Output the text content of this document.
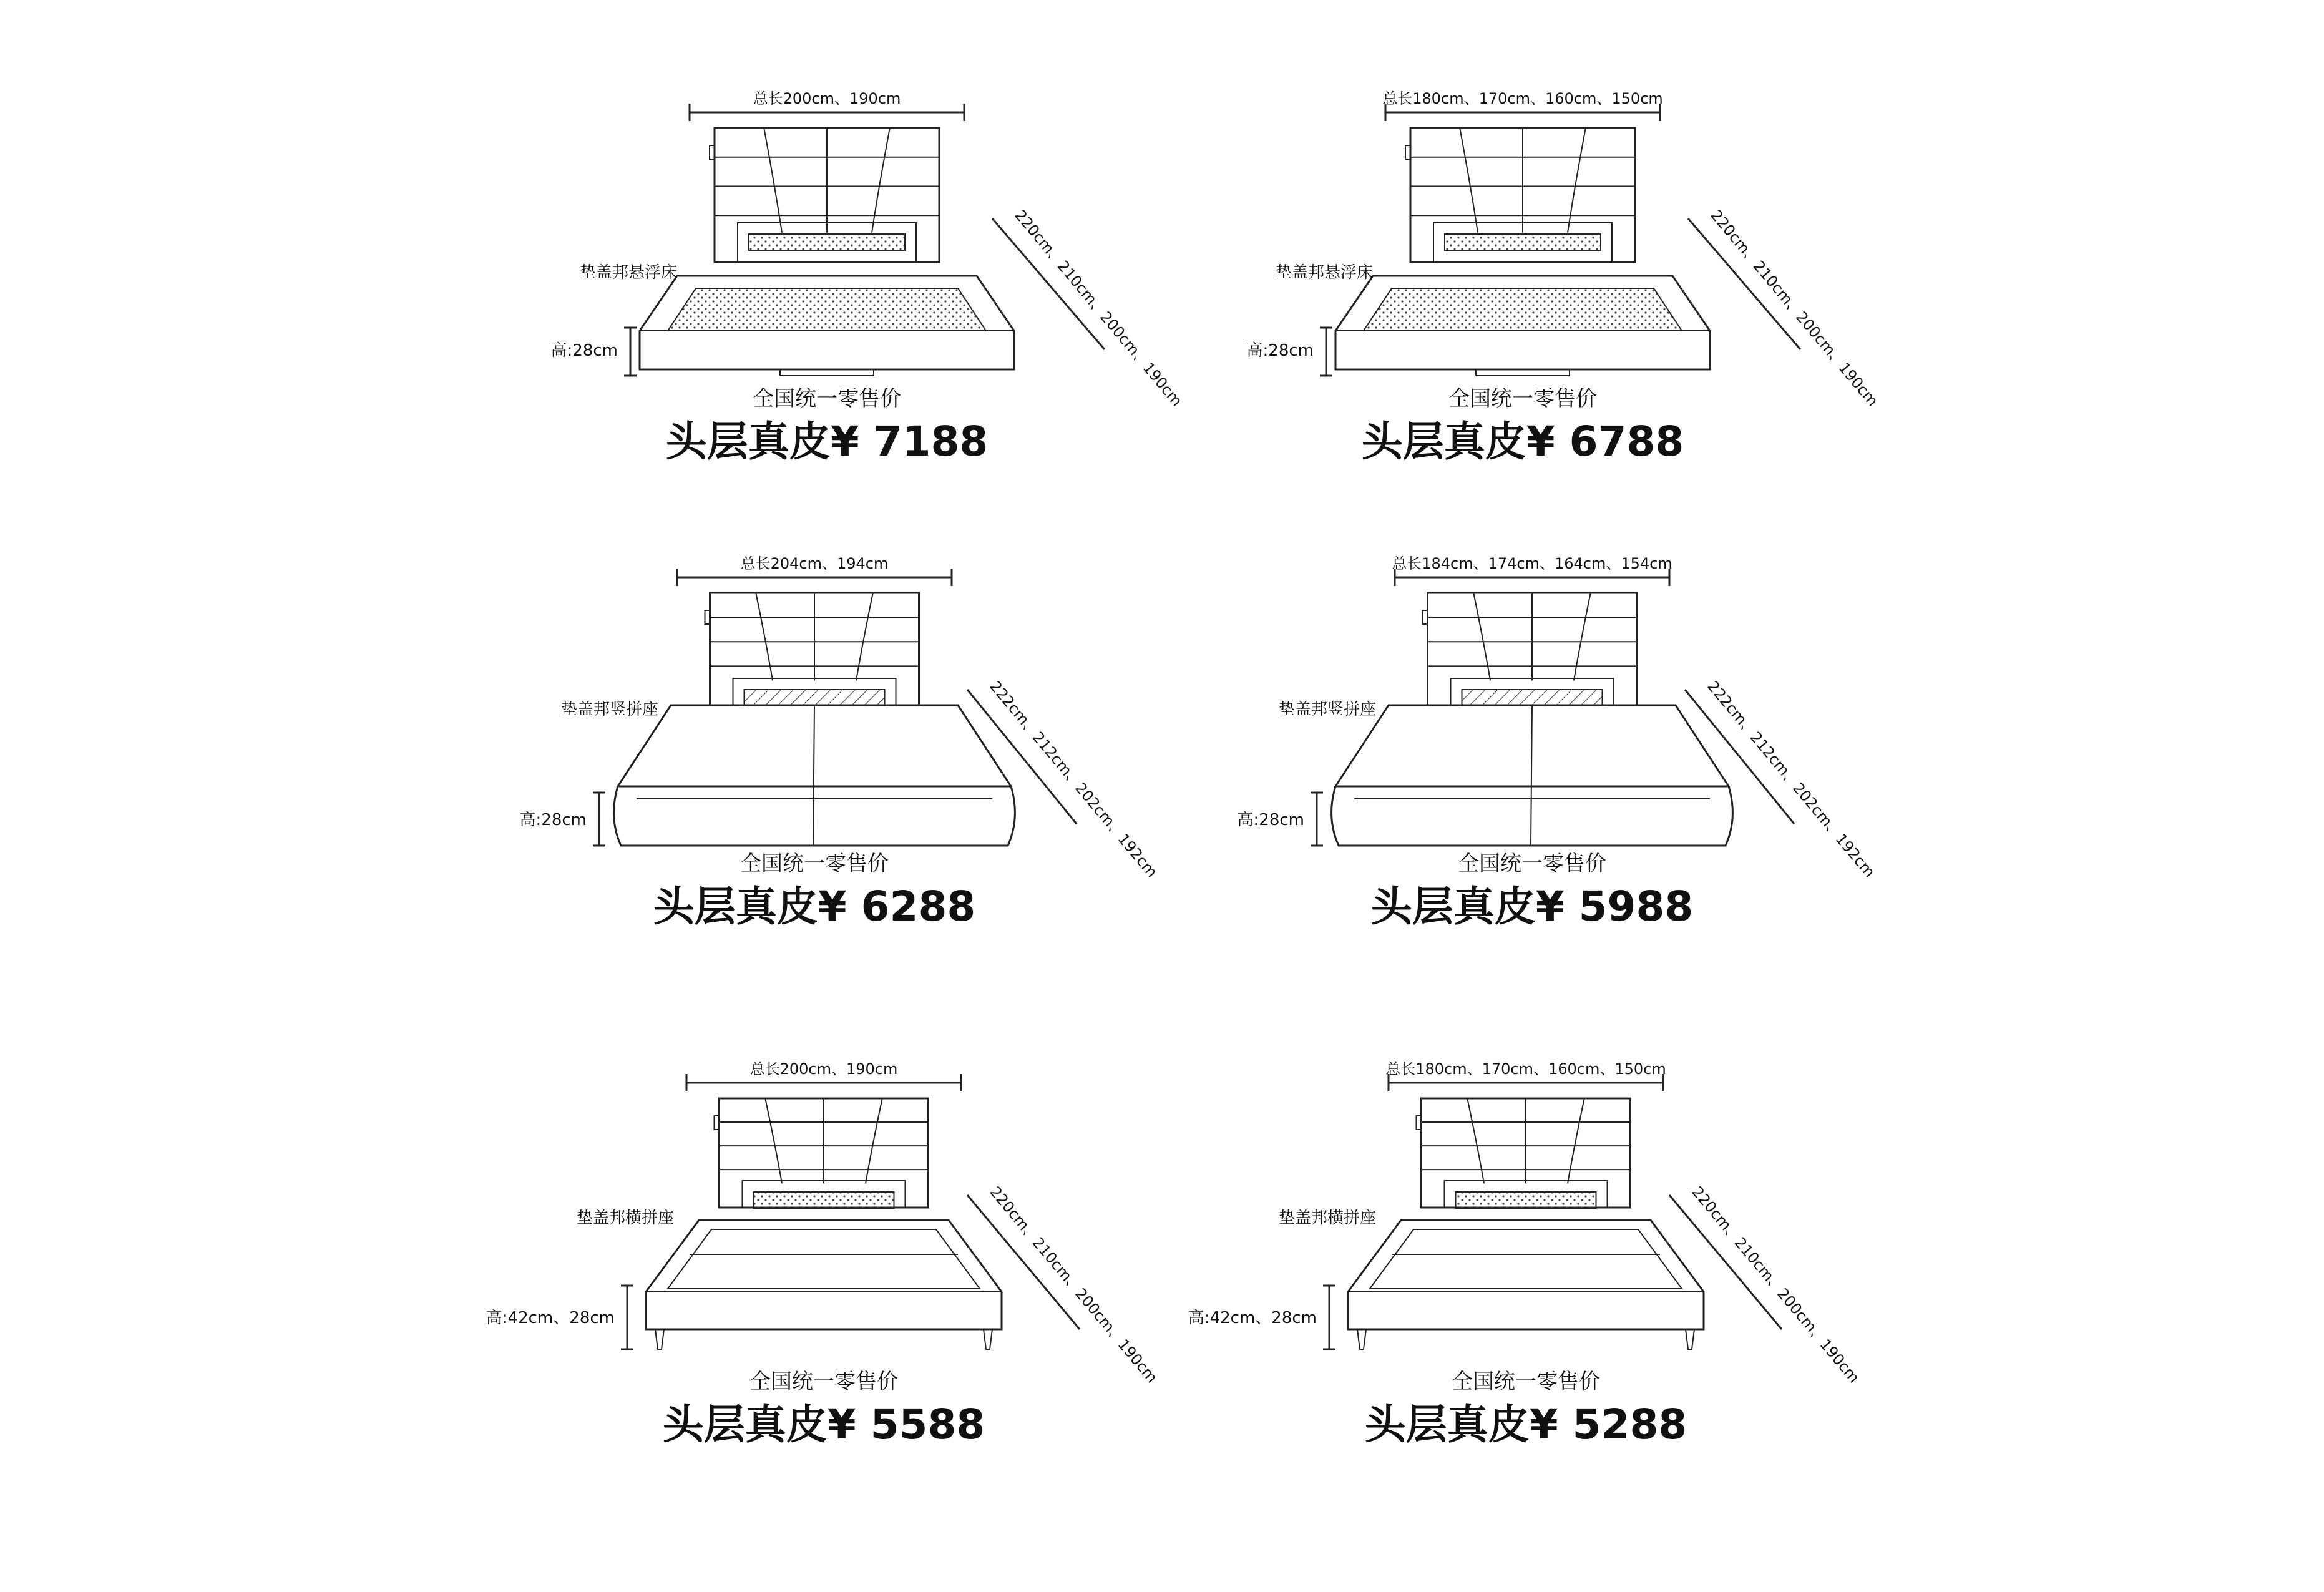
总长200cm、190cm
垫盖邦悬浮床
高:28cm	220cm、210cm、200cm、190cm
全国统一零售价
头层真皮¥ 7188
总长180cm、170cm、160cm、150cm
垫盖邦悬浮床
高:28cm	220cm、210cm、200cm、190cm
全国统一零售价
头层真皮¥ 6788
总长204cm、194cm
垫盖邦竖拼座
高:28cm	222cm、212cm、202cm、192cm
全国统一零售价
头层真皮¥ 6288
总长184cm、174cm、164cm、154cm
垫盖邦竖拼座
高:28cm	222cm、212cm、202cm、192cm
全国统一零售价
头层真皮¥ 5988
总长200cm、190cm
垫盖邦横拼座
高:42cm、28cm	220cm、210cm、200cm、190cm
全国统一零售价
头层真皮¥ 5588
总长180cm、170cm、160cm、150cm
垫盖邦横拼座
高:42cm、28cm	220cm、210cm、200cm、190cm
全国统一零售价
头层真皮¥ 5288
